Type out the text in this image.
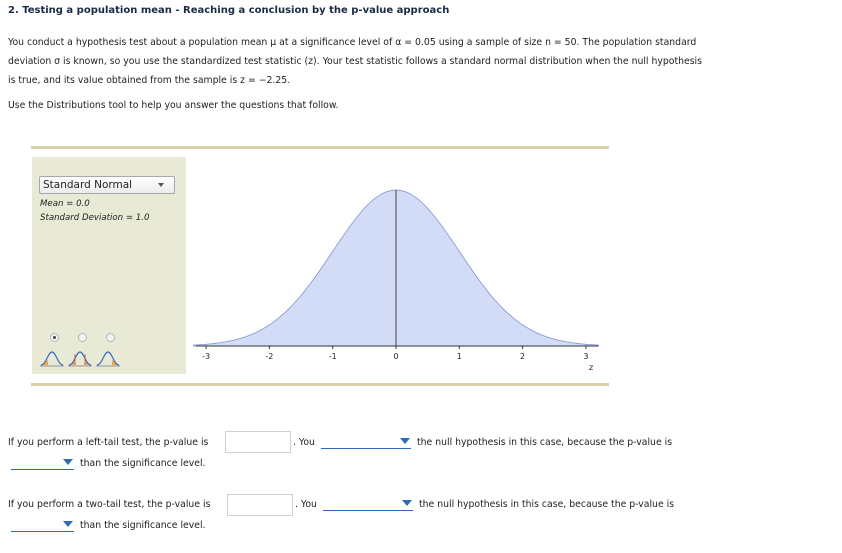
2. Testing a population mean - Reaching a conclusion by the p-value approach
You conduct a hypothesis test about a population mean μ at a significance level of α = 0.05 using a sample of size n = 50. The population standard
deviation σ is known, so you use the standardized test statistic (z). Your test statistic follows a standard normal distribution when the null hypothesis
is true, and its value obtained from the sample is z = −2.25.
Use the Distributions tool to help you answer the questions that follow.
Standard Normal
Mean = 0.0
Standard Deviation = 1.0
-3	-2	-1	0	1	2	3
z
If you perform a left-tail test, the p-value is	. You	the null hypothesis in this case, because the p-value is
than the significance level.
If you perform a two-tail test, the p-value is	. You	the null hypothesis in this case, because the p-value is
than the significance level.
